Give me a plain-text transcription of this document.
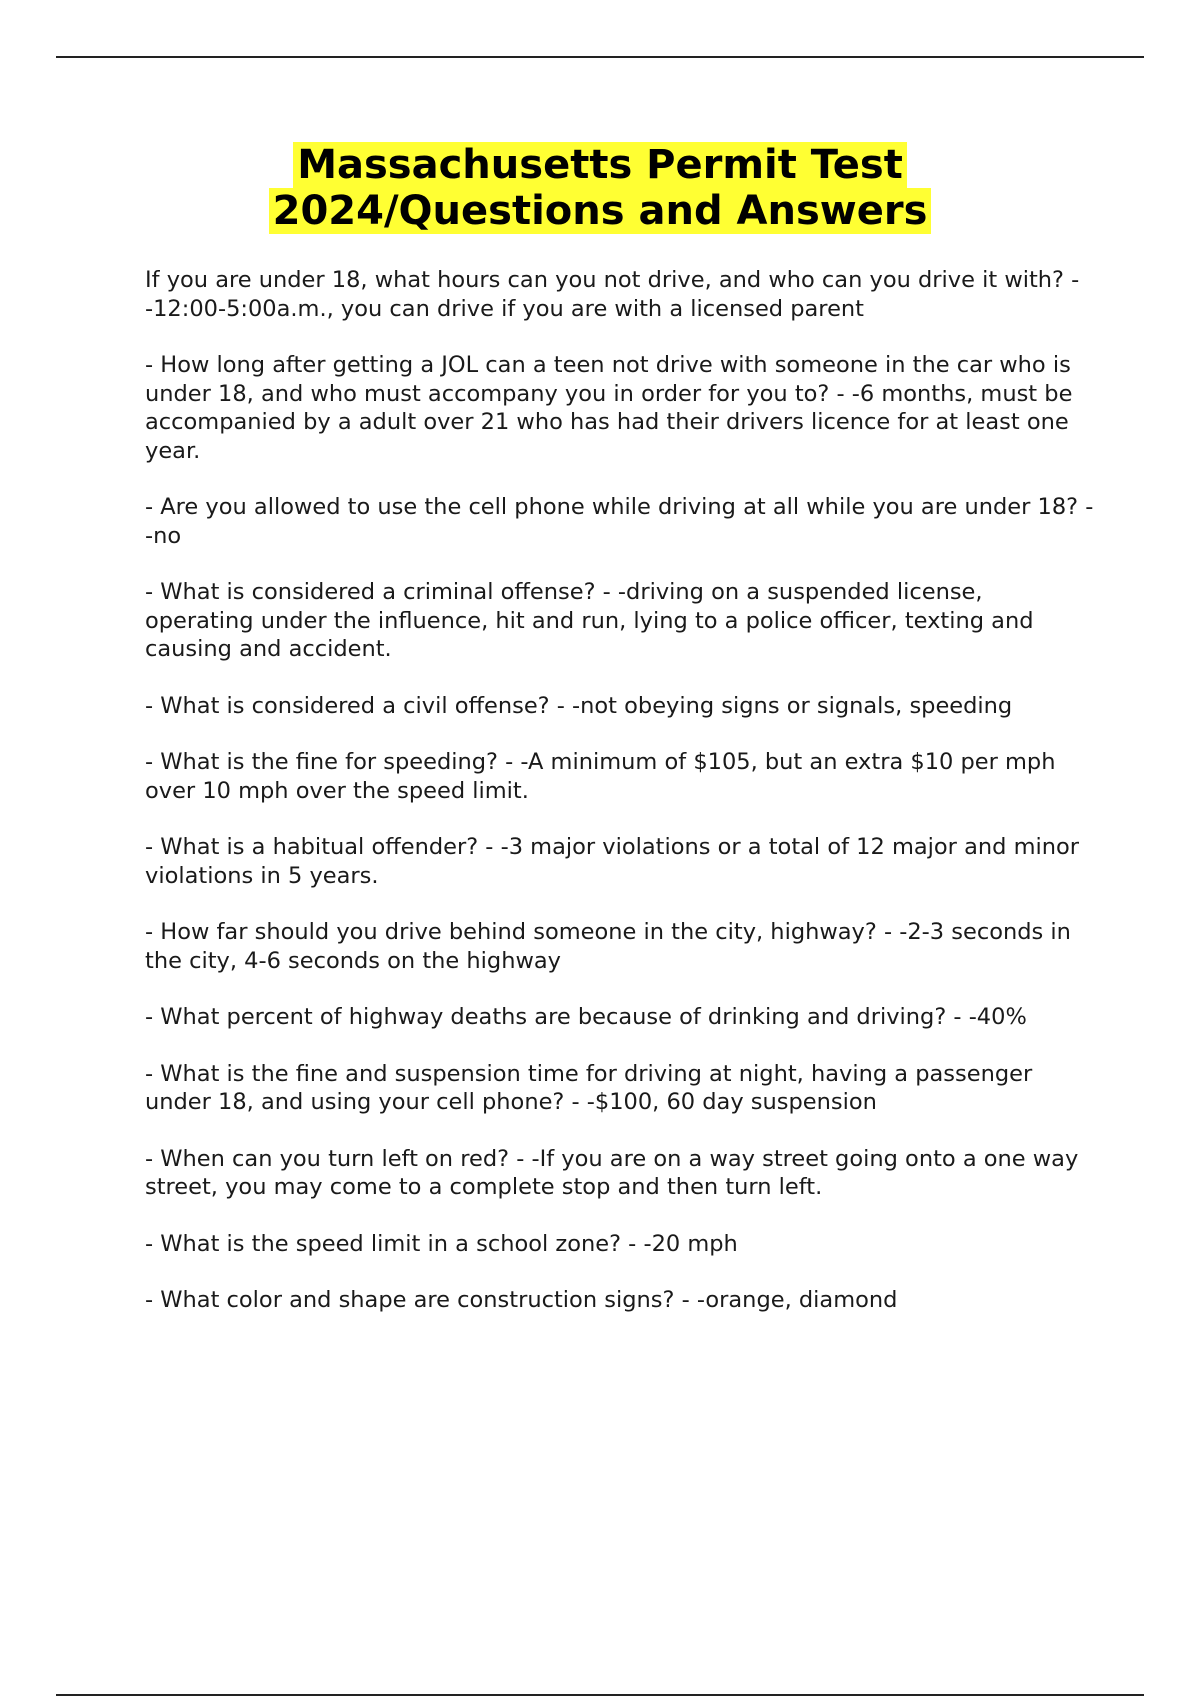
Massachusetts Permit Test
2024/Questions and Answers

If you are under 18, what hours can you not drive, and who can you drive it with? - -12:00-5:00a.m., you can drive if you are with a licensed parent

- How long after getting a JOL can a teen not drive with someone in the car who is under 18, and who must accompany you in order for you to? - -6 months, must be accompanied by a adult over 21 who has had their drivers licence for at least one year.

- Are you allowed to use the cell phone while driving at all while you are under 18? - -no

- What is considered a criminal offense? - -driving on a suspended license, operating under the influence, hit and run, lying to a police officer, texting and causing and accident.

- What is considered a civil offense? - -not obeying signs or signals, speeding

- What is the fine for speeding? - -A minimum of $105, but an extra $10 per mph over 10 mph over the speed limit.

- What is a habitual offender? - -3 major violations or a total of 12 major and minor violations in 5 years.

- How far should you drive behind someone in the city, highway? - -2-3 seconds in the city, 4-6 seconds on the highway

- What percent of highway deaths are because of drinking and driving? - -40%

- What is the fine and suspension time for driving at night, having a passenger under 18, and using your cell phone? - -$100, 60 day suspension

- When can you turn left on red? - -If you are on a way street going onto a one way street, you may come to a complete stop and then turn left.

- What is the speed limit in a school zone? - -20 mph

- What color and shape are construction signs? - -orange, diamond
